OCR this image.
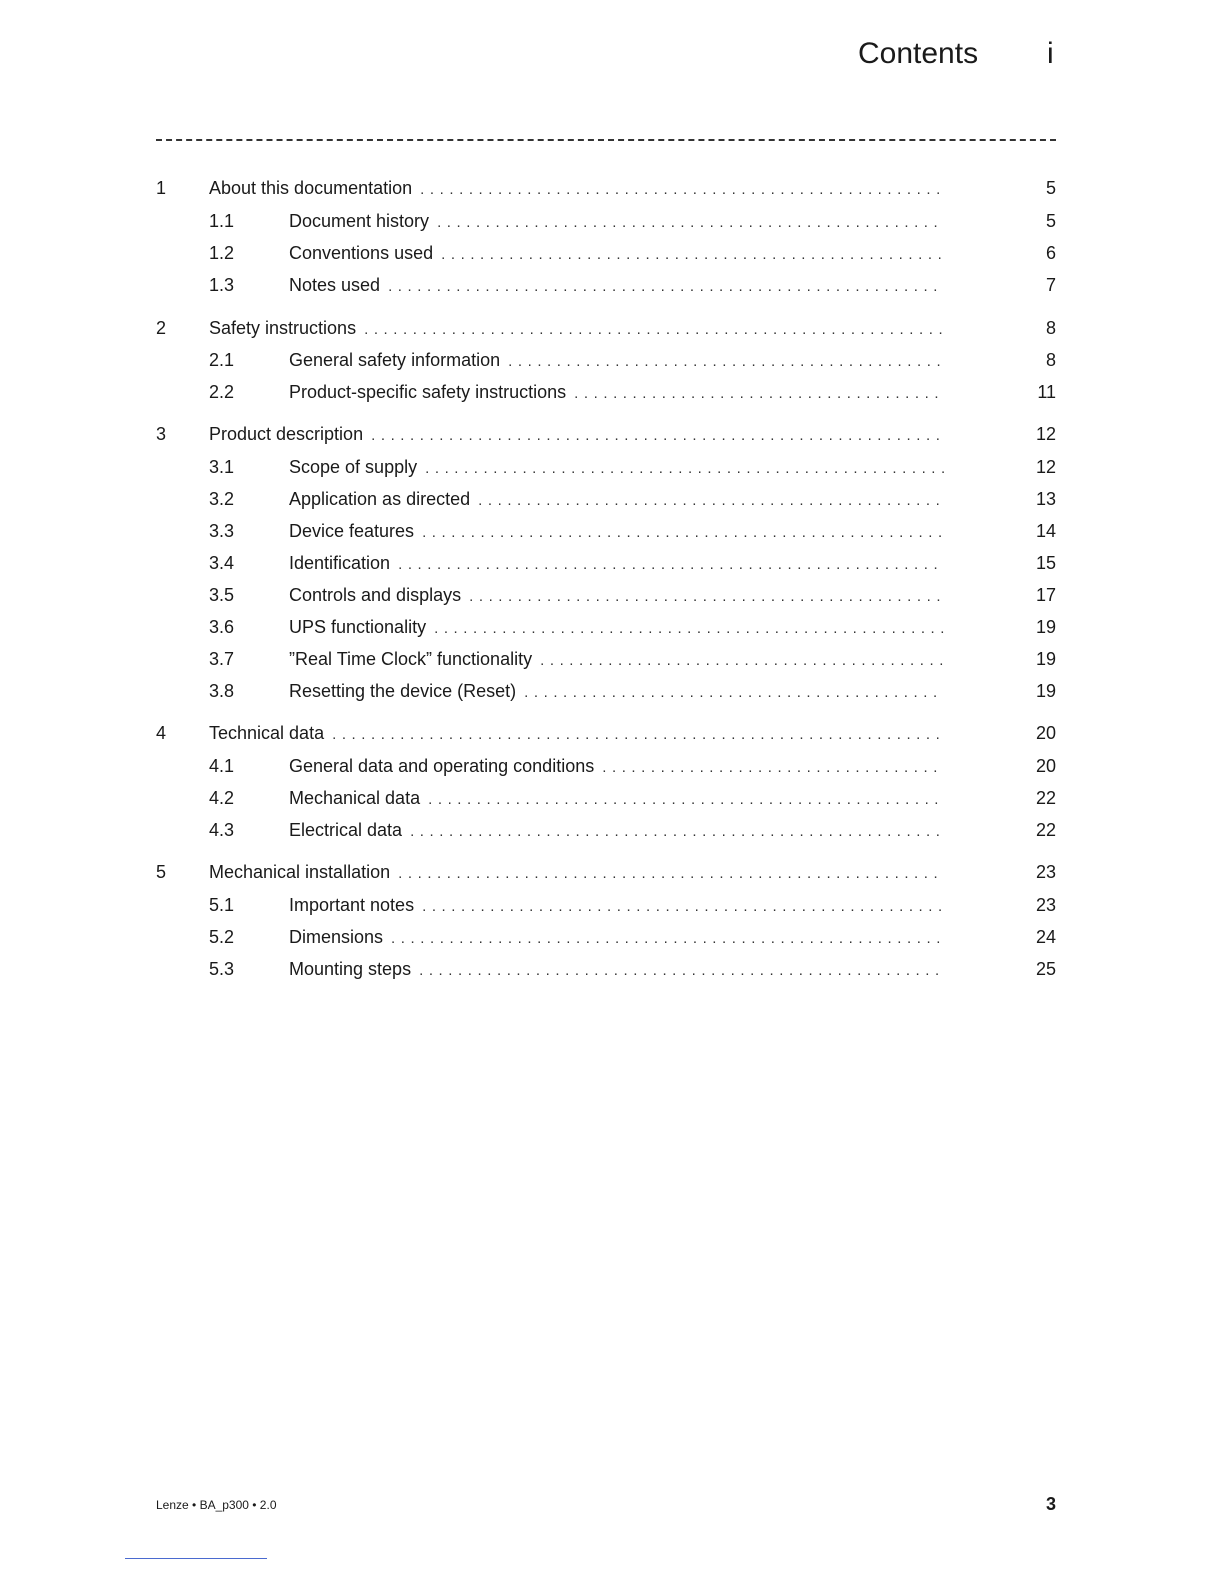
Contents i
1 About this documentation . . .	5
1.1	Document history . . .	5
1.2	Conventions used . . .	6
1.3	Notes used . . .	7
2 Safety instructions . . .	8
2.1	General safety information . . .	8
2.2	Product-specific safety instructions . . .	11
3 Product description . . .	12
3.1	Scope of supply . . .	12
3.2	Application as directed . . .	13
3.3	Device features . . .	14
3.4	Identification . . .	15
3.5	Controls and displays . . .	17
3.6	UPS functionality . . .	19
3.7	”Real Time Clock” functionality . . .	19
3.8	Resetting the device (Reset) . . .	19
4 Technical data . . .	20
4.1	General data and operating conditions . . .	20
4.2	Mechanical data . . .	22
4.3	Electrical data . . .	22
5 Mechanical installation . . .	23
5.1	Important notes . . .	23
5.2	Dimensions . . .	24
5.3	Mounting steps . . .	25
Lenze • BA_p300 • 2.0	3
